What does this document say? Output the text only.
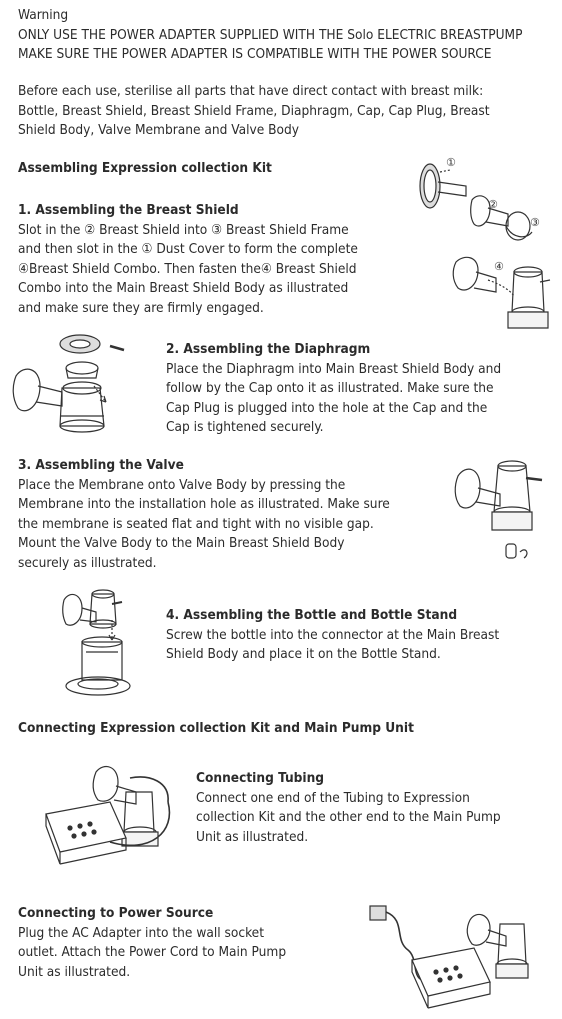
Warning
ONLY USE THE POWER ADAPTER SUPPLIED WITH THE Solo ELECTRIC BREASTPUMP
MAKE SURE THE POWER ADAPTER IS COMPATIBLE WITH THE POWER SOURCE
Before each use, sterilise all parts that have direct contact with breast milk:
Bottle, Breast Shield, Breast Shield Frame, Diaphragm, Cap, Cap Plug, Breast
Shield Body, Valve Membrane and Valve Body
Assembling Expression collection Kit
1. Assembling the Breast Shield
Slot in the ② Breast Shield into ③ Breast Shield Frame
and then slot in the ① Dust Cover to form the complete
④Breast Shield Combo. Then fasten the④ Breast Shield
Combo into the Main Breast Shield Body as illustrated
and make sure they are firmly engaged.
①
②
③
④
2. Assembling the Diaphragm
Place the Diaphragm into Main Breast Shield Body and
follow by the Cap onto it as illustrated. Make sure the
Cap Plug is plugged into the hole at the Cap and the
Cap is tightened securely.
3. Assembling the Valve
Place the Membrane onto Valve Body by pressing the
Membrane into the installation hole as illustrated. Make sure
the membrane is seated flat and tight with no visible gap.
Mount the Valve Body to the Main Breast Shield Body
securely as illustrated.
4. Assembling the Bottle and Bottle Stand
Screw the bottle into the connector at the Main Breast
Shield Body and place it on the Bottle Stand.
Connecting Expression collection Kit and Main Pump Unit
Connecting Tubing
Connect one end of the Tubing to Expression
collection Kit and the other end to the Main Pump
Unit as illustrated.
Connecting to Power Source
Plug the AC Adapter into the wall socket
outlet. Attach the Power Cord to Main Pump
Unit as illustrated.
